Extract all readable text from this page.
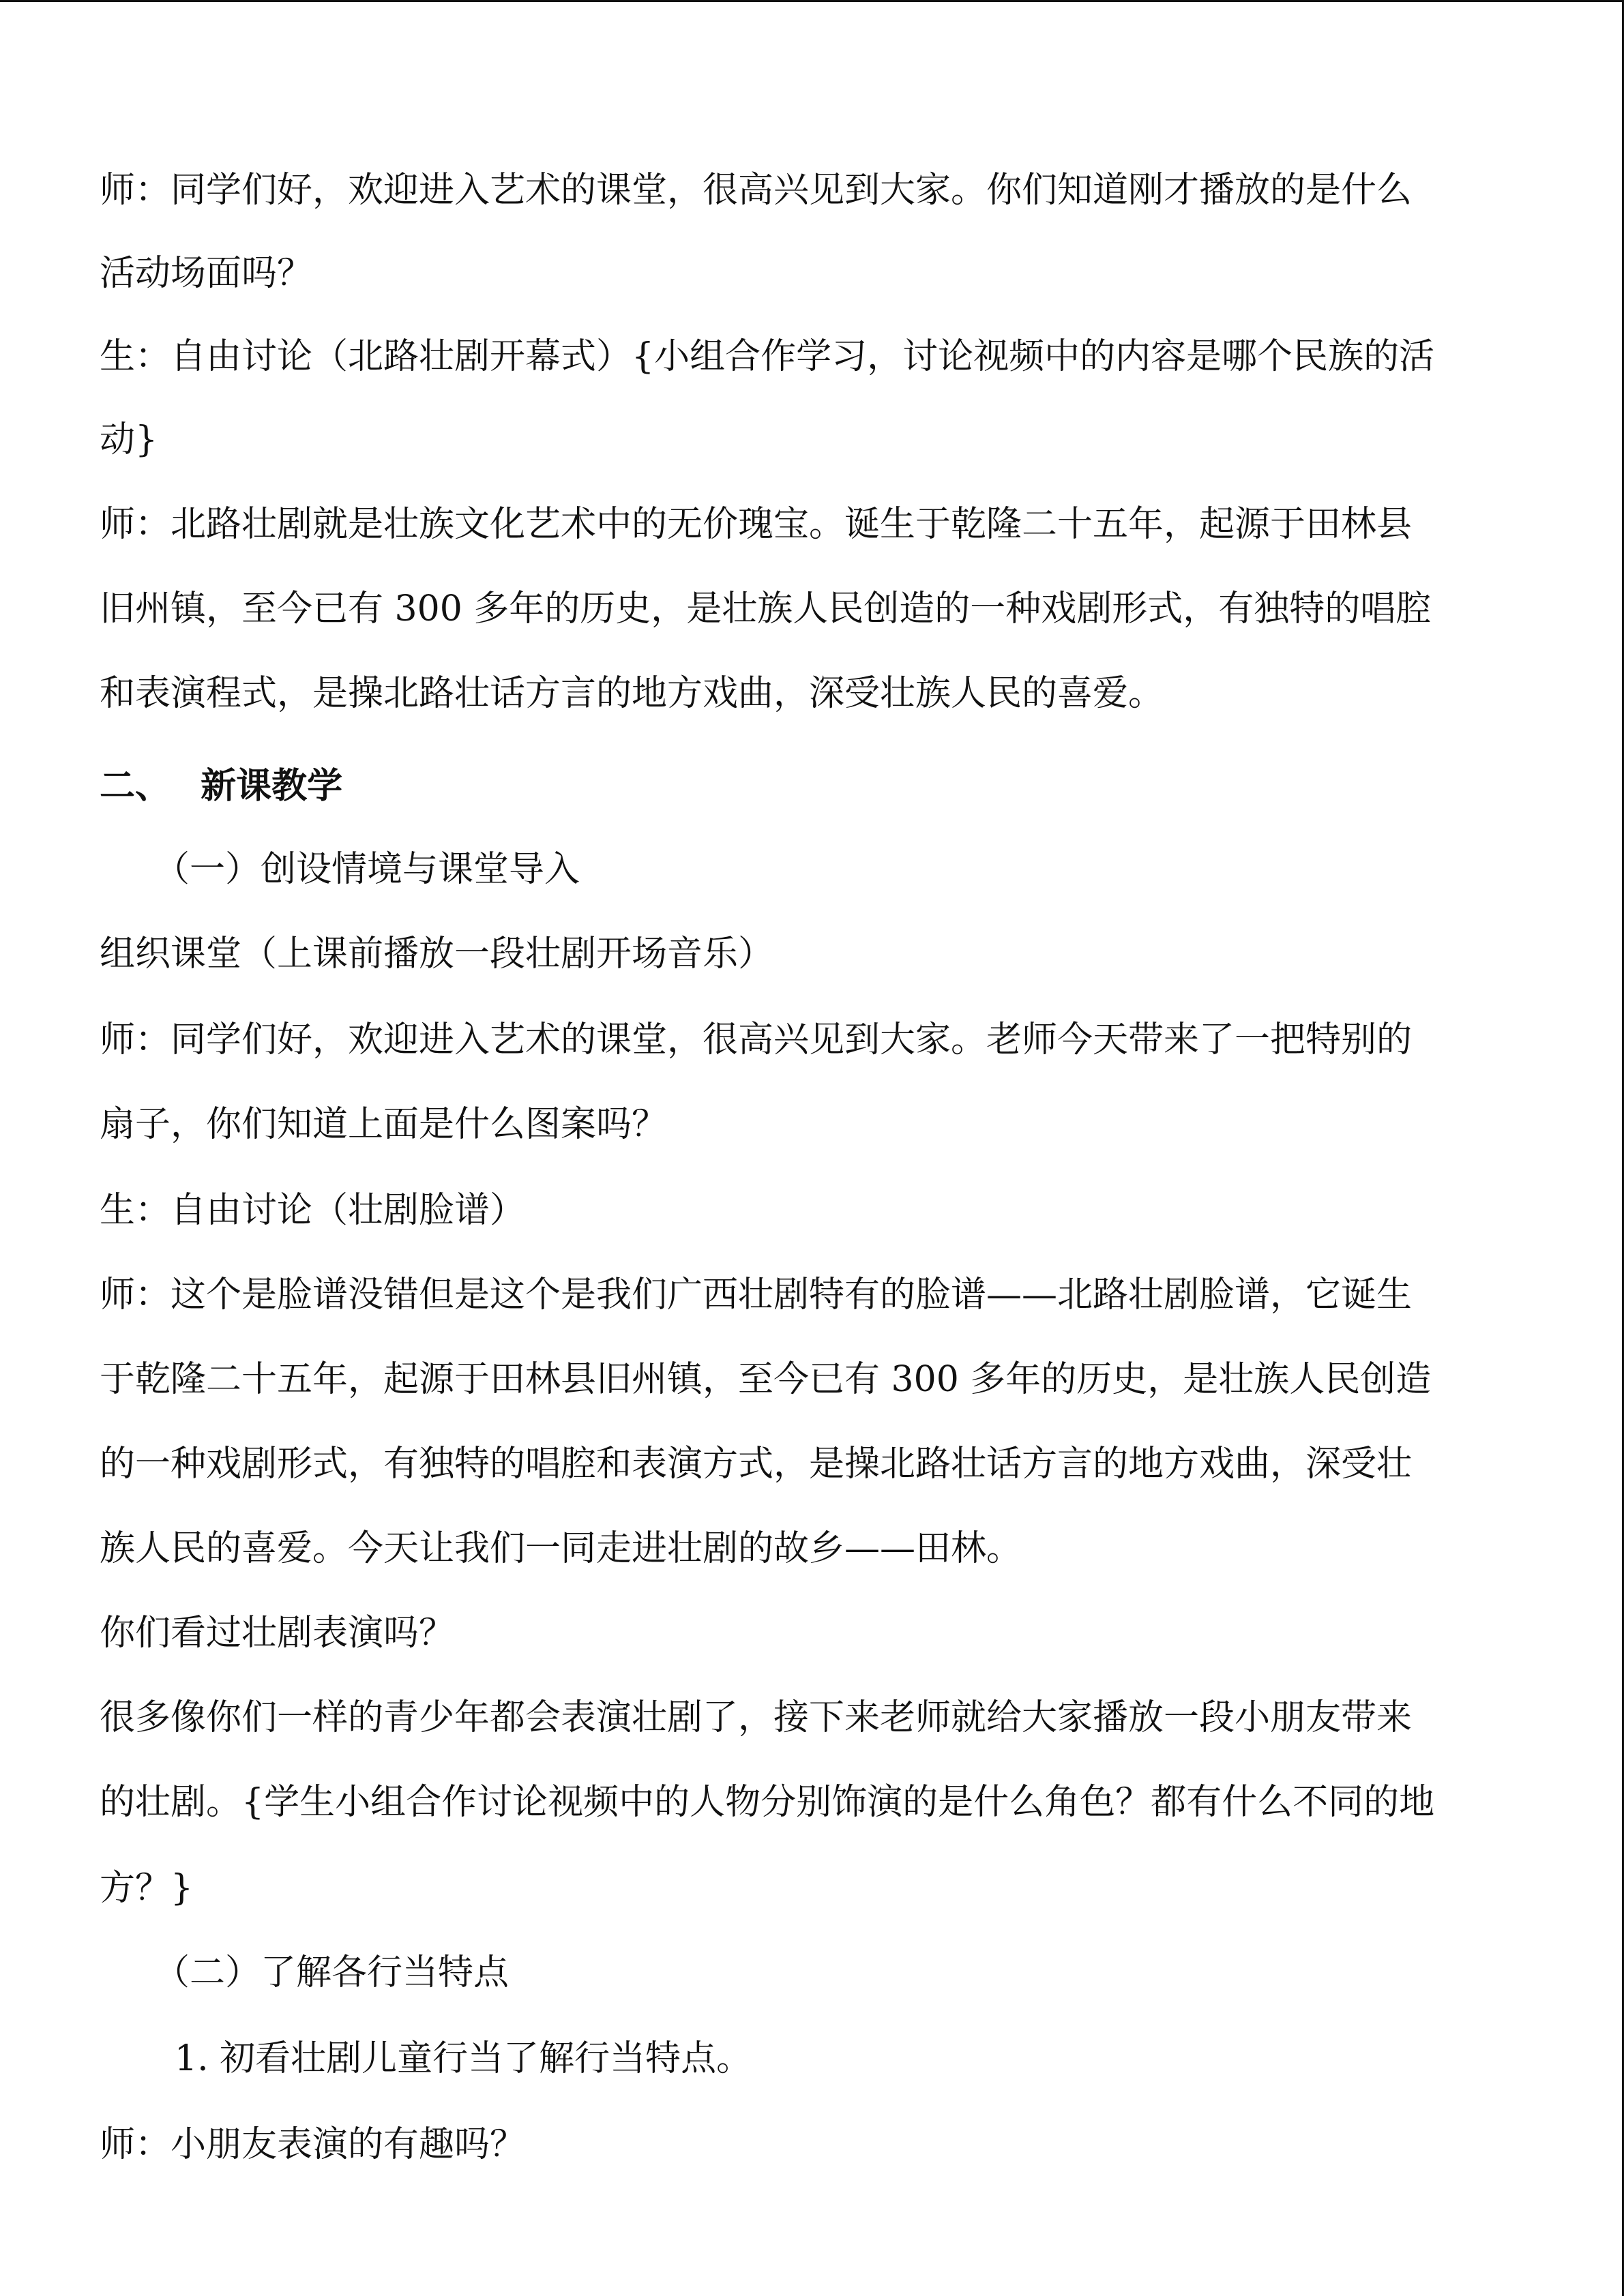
师：同学们好，欢迎进入艺术的课堂，很高兴见到大家。你们知道刚才播放的是什么
活动场面吗？
生：自由讨论（北路壮剧开幕式）{小组合作学习，讨论视频中的内容是哪个民族的活
动}
师：北路壮剧就是壮族文化艺术中的无价瑰宝。诞生于乾隆二十五年，起源于田林县
旧州镇，至今已有 300 多年的历史，是壮族人民创造的一种戏剧形式，有独特的唱腔
和表演程式，是操北路壮话方言的地方戏曲，深受壮族人民的喜爱。
二、　 新课教学
（一）创设情境与课堂导入
组织课堂（上课前播放一段壮剧开场音乐）
师：同学们好，欢迎进入艺术的课堂，很高兴见到大家。老师今天带来了一把特别的
扇子，你们知道上面是什么图案吗？
生：自由讨论（壮剧脸谱）
师：这个是脸谱没错但是这个是我们广西壮剧特有的脸谱——北路壮剧脸谱，它诞生
于乾隆二十五年，起源于田林县旧州镇，至今已有 300 多年的历史，是壮族人民创造
的一种戏剧形式，有独特的唱腔和表演方式，是操北路壮话方言的地方戏曲，深受壮
族人民的喜爱。今天让我们一同走进壮剧的故乡——田林。
你们看过壮剧表演吗？
很多像你们一样的青少年都会表演壮剧了，接下来老师就给大家播放一段小朋友带来
的壮剧。{学生小组合作讨论视频中的人物分别饰演的是什么角色？都有什么不同的地
方？}
（二）了解各行当特点
1. 初看壮剧儿童行当了解行当特点。
师：小朋友表演的有趣吗？
